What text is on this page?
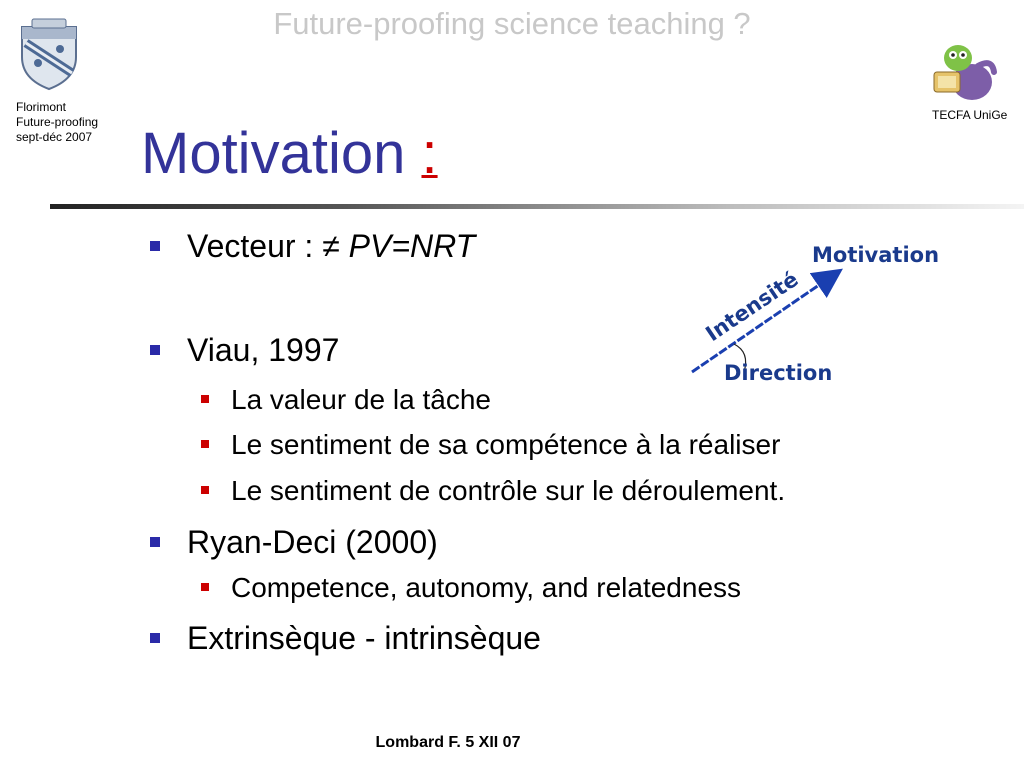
Future-proofing science teaching ?
Florimont
Future-proofing
sept-déc 2007
TECFA UniGe
Motivation :
Vecteur : ≠ PV=NRT
Viau, 1997
La valeur de la tâche
Le sentiment de sa compétence à la réaliser
Le sentiment de contrôle sur le déroulement.
Ryan-Deci (2000)
Competence, autonomy, and relatedness
Extrinsèque - intrinsèque
Motivation
Intensité
Direction
Lombard F. 5 XII 07
